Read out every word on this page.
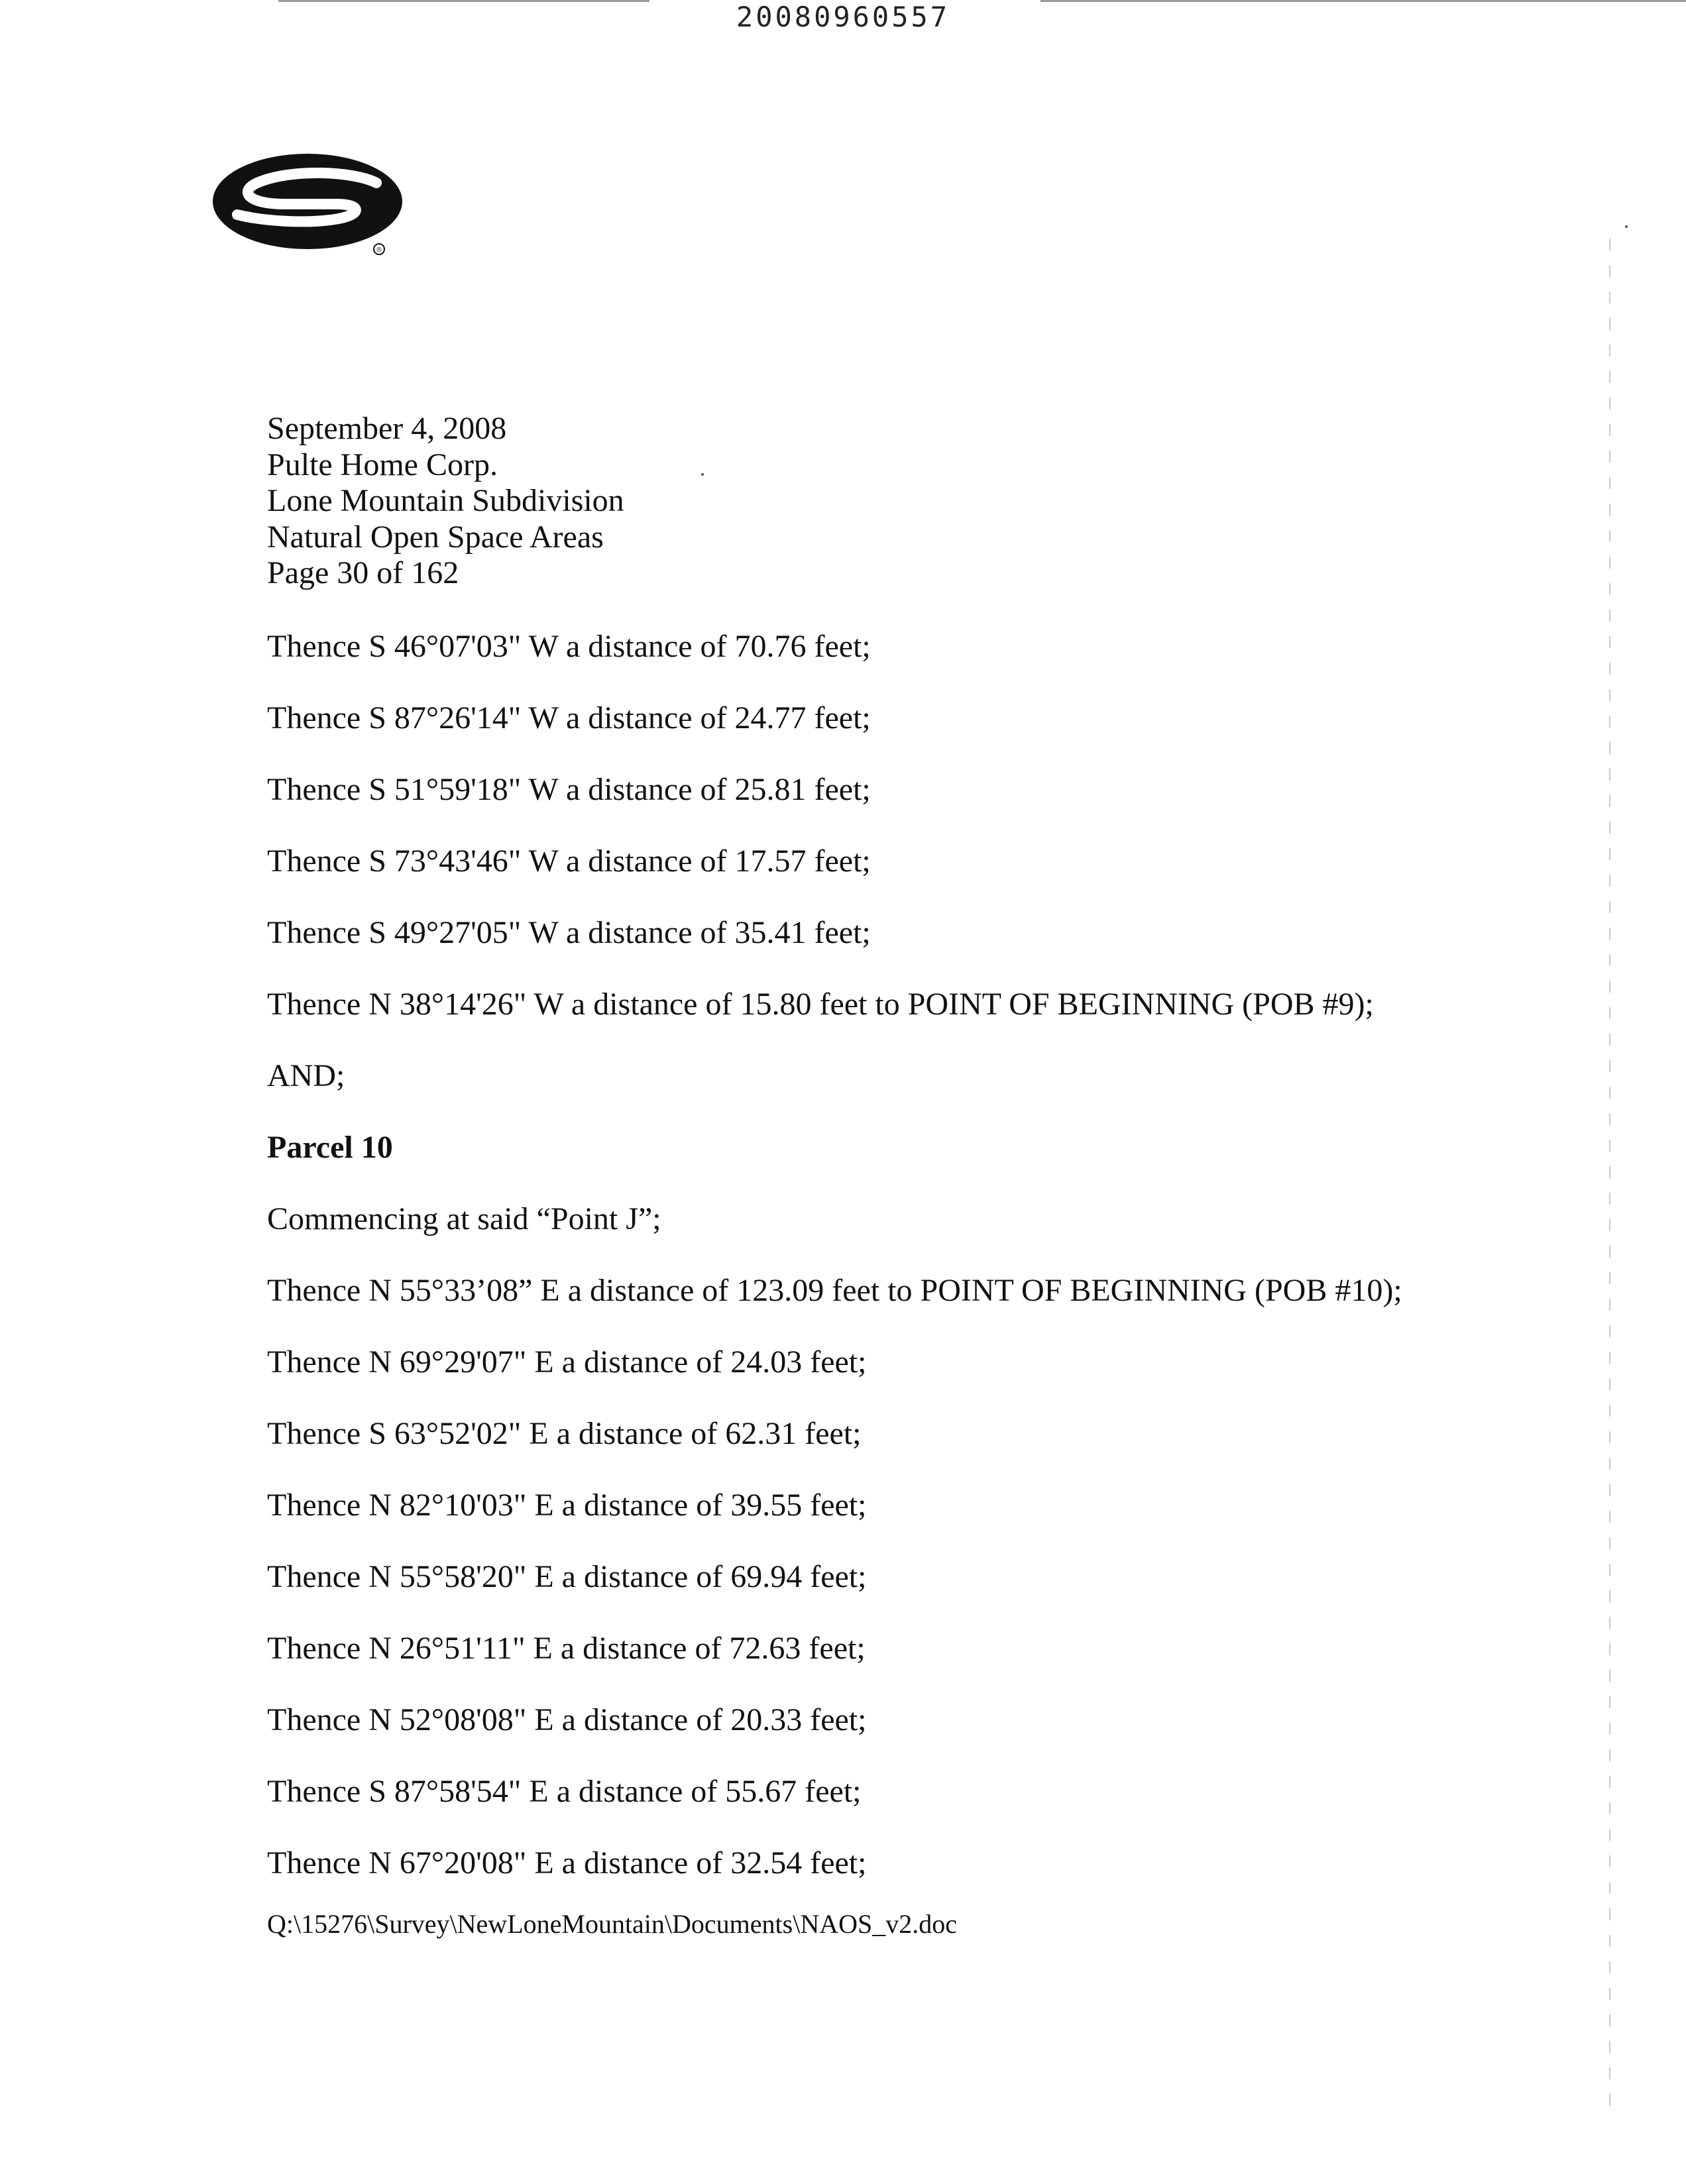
20080960557
®
September 4, 2008
Pulte Home Corp.
Lone Mountain Subdivision
Natural Open Space Areas
Page 30 of 162
Thence S 46°07'03" W a distance of 70.76 feet;
Thence S 87°26'14" W a distance of 24.77 feet;
Thence S 51°59'18" W a distance of 25.81 feet;
Thence S 73°43'46" W a distance of 17.57 feet;
Thence S 49°27'05" W a distance of 35.41 feet;
Thence N 38°14'26" W a distance of 15.80 feet to POINT OF BEGINNING (POB #9);
AND;
Parcel 10
Commencing at said “Point J”;
Thence N 55°33’08” E a distance of 123.09 feet to POINT OF BEGINNING (POB #10);
Thence N 69°29'07" E a distance of 24.03 feet;
Thence S 63°52'02" E a distance of 62.31 feet;
Thence N 82°10'03" E a distance of 39.55 feet;
Thence N 55°58'20" E a distance of 69.94 feet;
Thence N 26°51'11" E a distance of 72.63 feet;
Thence N 52°08'08" E a distance of 20.33 feet;
Thence S 87°58'54" E a distance of 55.67 feet;
Thence N 67°20'08" E a distance of 32.54 feet;
Q:\15276\Survey\NewLoneMountain\Documents\NAOS_v2.doc
